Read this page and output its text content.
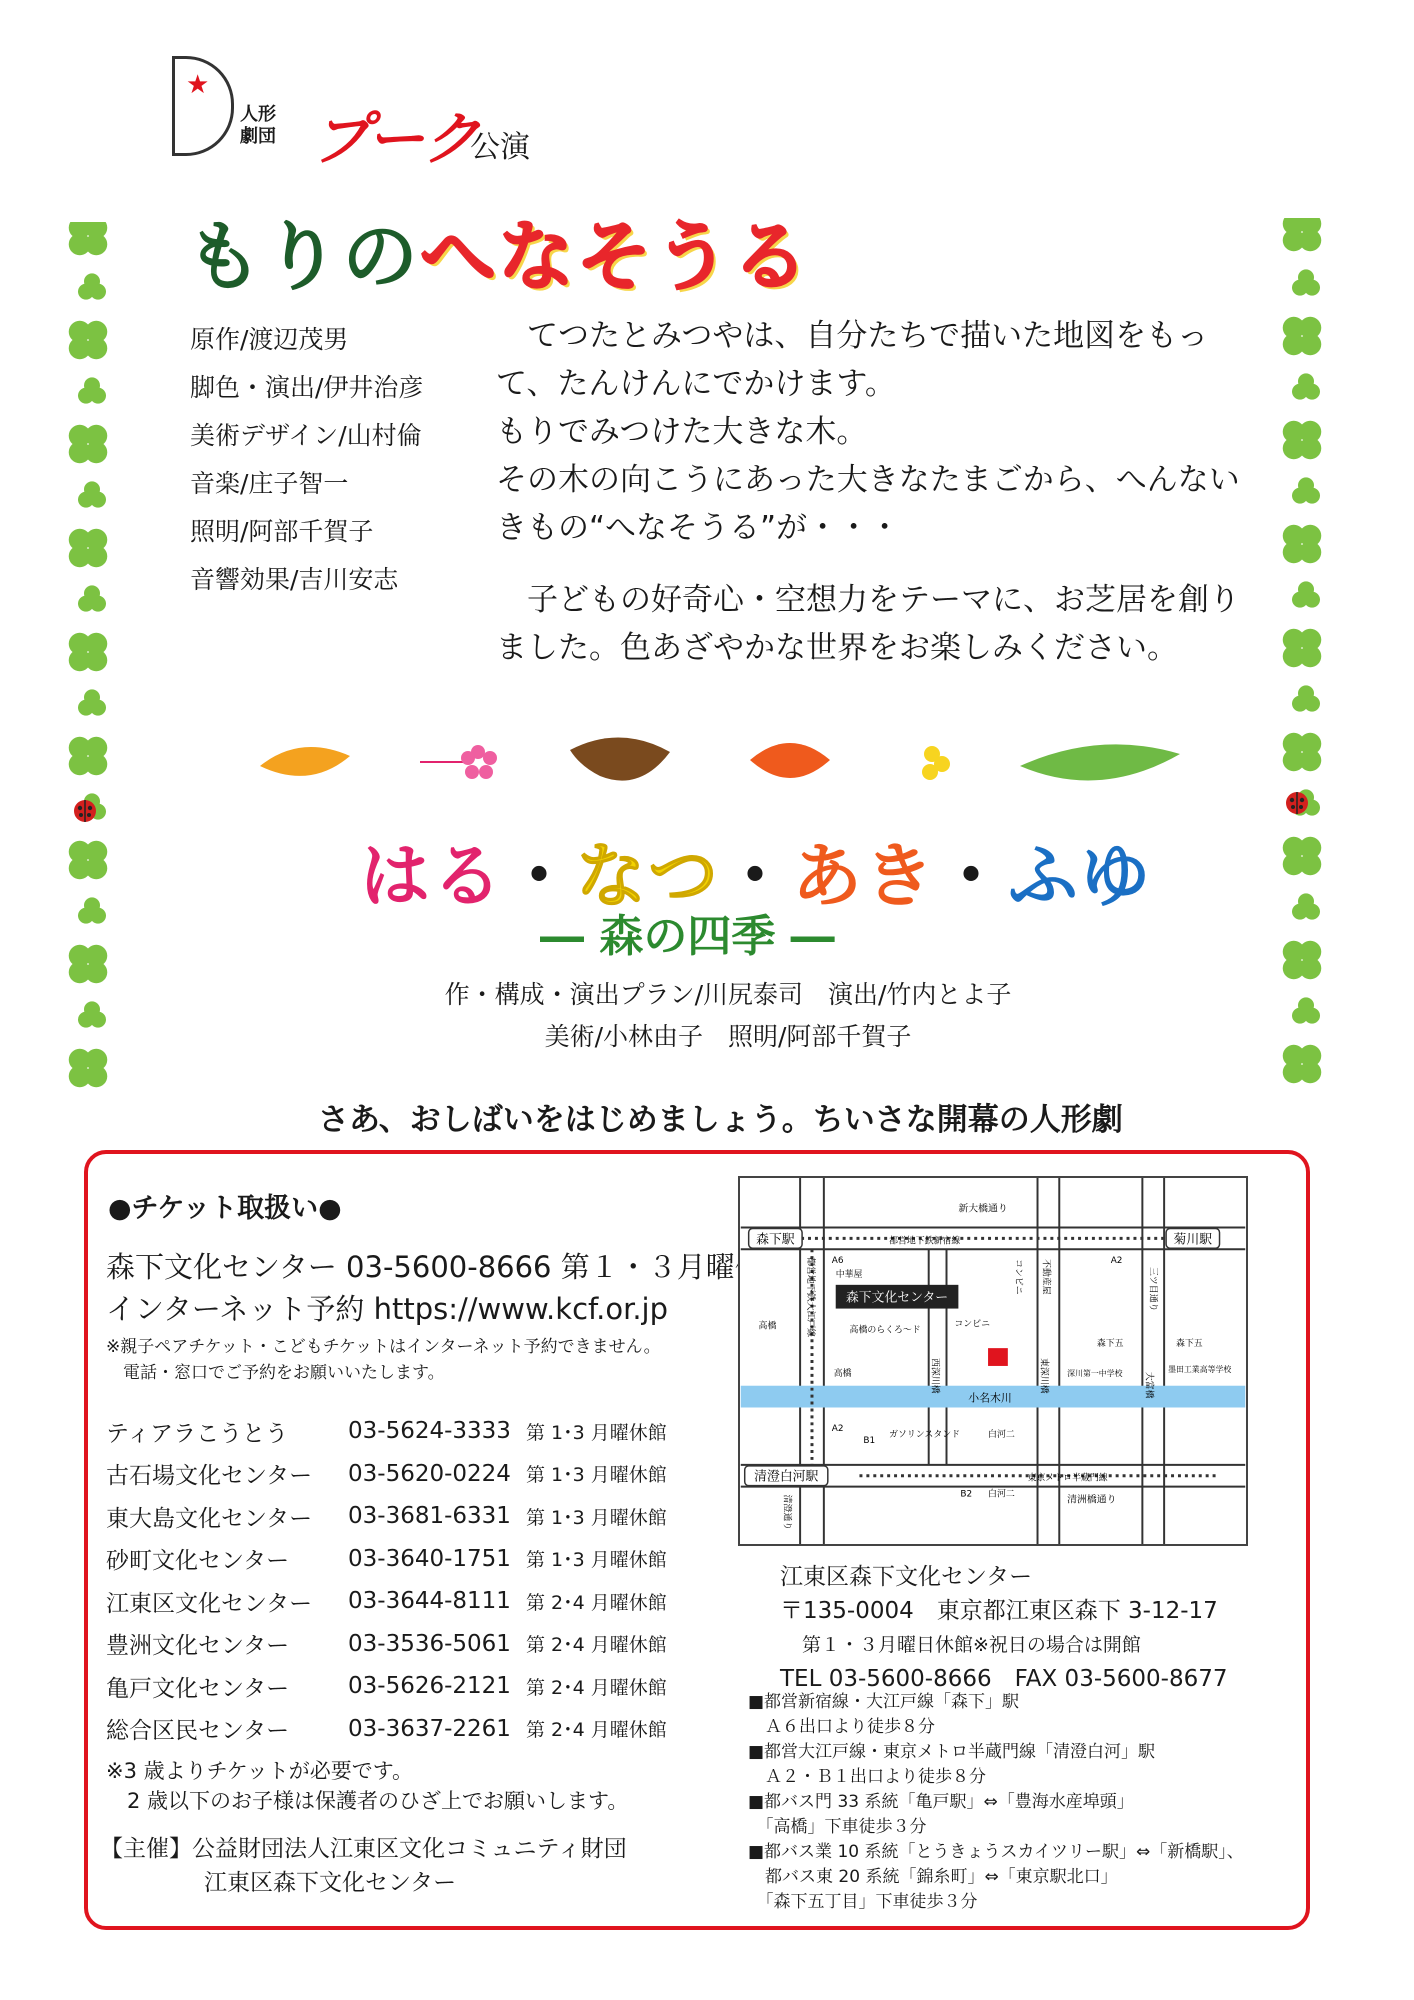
★
人形劇団 プーク
公演
もりのへなそうる
原作/渡辺茂男
脚色・演出/伊井治彦
美術デザイン/山村倫
音楽/庄子智一
照明/阿部千賀子
音響効果/吉川安志

　てつたとみつやは、自分たちで描いた地図をもって、たんけんにでかけます。
もりでみつけた大きな木。
その木の向こうにあった大きなたまごから、へんないきもの“へなそうる”が・・・

　子どもの好奇心・空想力をテーマに、お芝居を創りました。色あざやかな世界をお楽しみください。

はる・なつ・あき・ふゆ
― 森の四季 ―
作・構成・演出プラン/川尻泰司　演出/竹内とよ子
美術/小林由子　照明/阿部千賀子
さあ、おしばいをはじめましょう。ちいさな開幕の人形劇
●チケット取扱い●
森下文化センター 03-5600-8666 第１・３月曜休館
インターネット予約 https://www.kcf.or.jp
※親子ペアチケット・こどもチケットはインターネット予約できません。
　電話・窓口でご予約をお願いいたします。
ティアラこうとう	03-5624-3333 第 1･3 月曜休館
古石場文化センター	03-5620-0224 第 1･3 月曜休館
東大島文化センター	03-3681-6331 第 1･3 月曜休館
砂町文化センター	03-3640-1751 第 1･3 月曜休館
江東区文化センター	03-3644-8111 第 2･4 月曜休館
豊洲文化センター	03-3536-5061 第 2･4 月曜休館
亀戸文化センター	03-5626-2121 第 2･4 月曜休館
総合区民センター	03-3637-2261 第 2･4 月曜休館
※3 歳よりチケットが必要です。
　2 歳以下のお子様は保護者のひざ上でお願いします。
【主催】公益財団法人江東区文化コミュニティ財団
江東区森下文化センター
森下駅	菊川駅
清澄白河駅
森下文化センター
新大橋通り
都営地下鉄新宿線
東京メトロ半蔵門線
清洲橋通り
小名木川
高橋のらくろ～ド
ガソリンスタンド	白河二
白河二
森下五	森下五
高橋
高橋
深川第一中学校	墨田工業高等学校
コンビニ
中華屋
A6	A2
A2
B1
B2
清澄通り
三ツ目通り
都営地下鉄大江戸線
西深川橋	東深川橋	大富橋
不動産屋
コンビニ
江東区森下文化センター
〒135-0004　東京都江東区森下 3-12-17
第１・３月曜日休館※祝日の場合は開館
TEL 03-5600-8666　FAX 03-5600-8677
■都営新宿線・大江戸線「森下」駅
　Ａ６出口より徒歩８分
■都営大江戸線・東京メトロ半蔵門線「清澄白河」駅
　Ａ２・Ｂ１出口より徒歩８分
■都バス門 33 系統「亀戸駅」⇔「豊海水産埠頭」
　「高橋」下車徒歩３分
■都バス業 10 系統「とうきょうスカイツリー駅」⇔「新橋駅」、
　都バス東 20 系統「錦糸町」⇔「東京駅北口」
　「森下五丁目」下車徒歩３分
